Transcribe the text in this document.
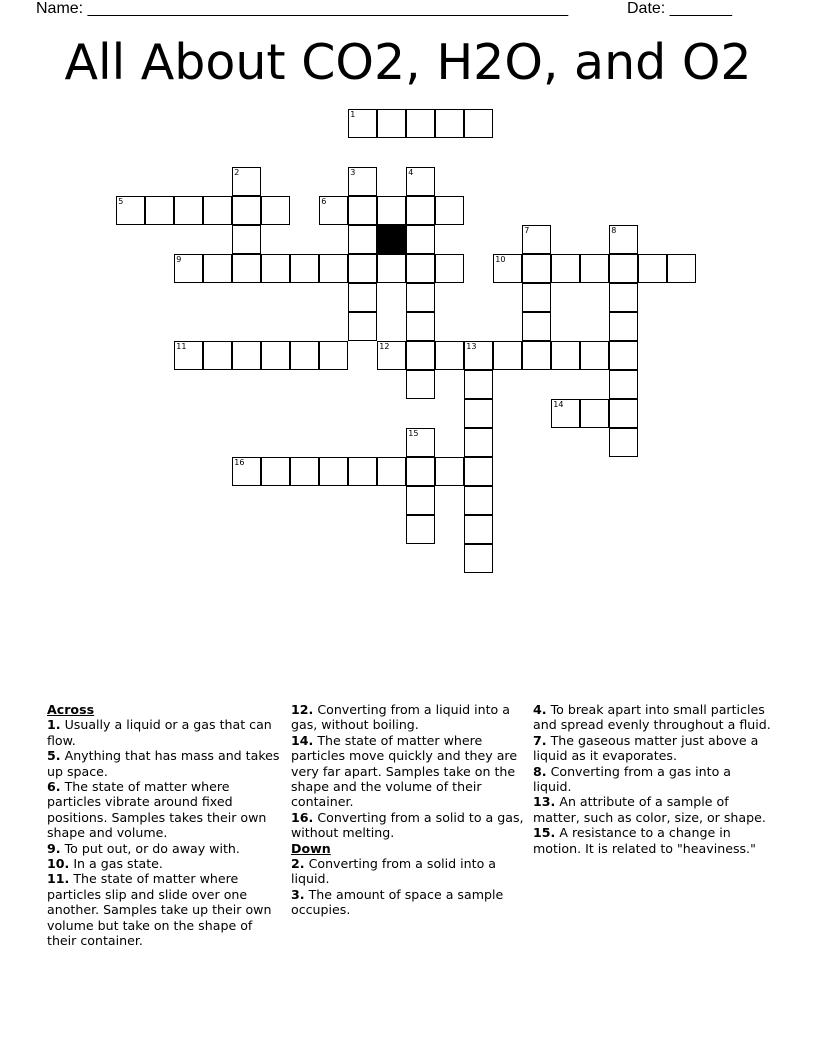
Name: ______________________________________________________	Date: _______
All About CO2, H2O, and O2
1
2	3	4
5	6
7	8
9	10
11	12	13
14
15
16
Across
1. Usually a liquid or a gas that can flow.
5. Anything that has mass and takes up space.
6. The state of matter where particles vibrate around fixed positions. Samples takes their own shape and volume.
9. To put out, or do away with.
10. In a gas state.
11. The state of matter where particles slip and slide over one another. Samples take up their own volume but take on the shape of their container.
12. Converting from a liquid into a gas, without boiling.
14. The state of matter where particles move quickly and they are very far apart. Samples take on the shape and the volume of their container.
16. Converting from a solid to a gas, without melting.
Down
2. Converting from a solid into a liquid.
3. The amount of space a sample occupies.
4. To break apart into small particles and spread evenly throughout a fluid.
7. The gaseous matter just above a liquid as it evaporates.
8. Converting from a gas into a liquid.
13. An attribute of a sample of matter, such as color, size, or shape.
15. A resistance to a change in motion. It is related to "heaviness."
